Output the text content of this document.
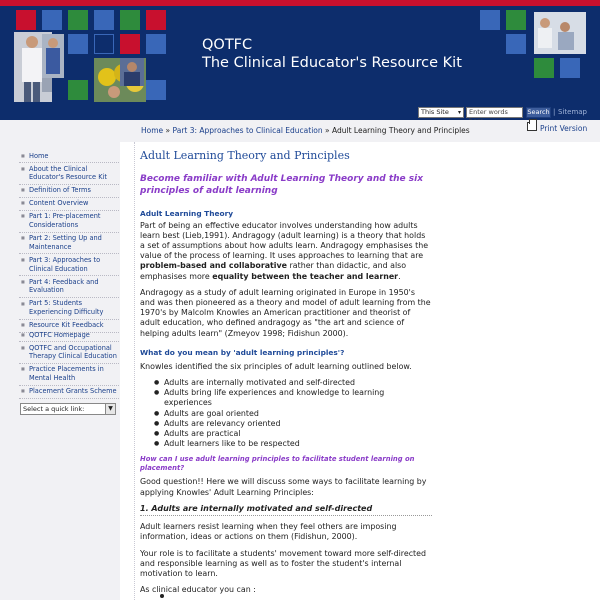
QOTFC
The Clinical Educator's Resource Kit
This Site ▾	Enter words	Search | Sitemap
Home » Part 3: Approaches to Clinical Education » Adult Learning Theory and Principles	Print Version
■ Home
■ About the Clinical Educator's Resource Kit
■ Definition of Terms
■ Content Overview
■ Part 1: Pre-placement Considerations
■ Part 2: Setting Up and Maintenance
■ Part 3: Approaches to Clinical Education
■ Part 4: Feedback and Evaluation
■ Part 5: Students Experiencing Difficulty
■ Resource Kit Feedback
■ QOTFC Homepage
■ QOTFC and Occupational Therapy Clinical Education
■ Practice Placements in Mental Health
■ Placement Grants Scheme
Select a quick link:	▼
Adult Learning Theory and Principles
Become familiar with Adult Learning Theory and the six principles of adult learning
Adult Learning Theory
Part of being an effective educator involves understanding how adults learn best (Lieb,1991). Andragogy (adult learning) is a theory that holds a set of assumptions about how adults learn. Andragogy emphasises the value of the process of learning. It uses approaches to learning that are problem-based and collaborative rather than didactic, and also emphasises more equality between the teacher and learner.
Andragogy as a study of adult learning originated in Europe in 1950's and was then pioneered as a theory and model of adult learning from the 1970's by Malcolm Knowles an American practitioner and theorist of adult education, who defined andragogy as "the art and science of helping adults learn" (Zmeyov 1998; Fidishun 2000).
What do you mean by 'adult learning principles'?
Knowles identified the six principles of adult learning outlined below.
● Adults are internally motivated and self-directed
● Adults bring life experiences and knowledge to learning experiences
● Adults are goal oriented
● Adults are relevancy oriented
● Adults are practical
● Adult learners like to be respected
How can I use adult learning principles to facilitate student learning on placement?
Good question!! Here we will discuss some ways to facilitate learning by applying Knowles' Adult Learning Principles:
1. Adults are internally motivated and self-directed
Adult learners resist learning when they feel others are imposing information, ideas or actions on them (Fidishun, 2000).
Your role is to facilitate a students' movement toward more self-directed and responsible learning as well as to foster the student's internal motivation to learn.
As clinical educator you can :
